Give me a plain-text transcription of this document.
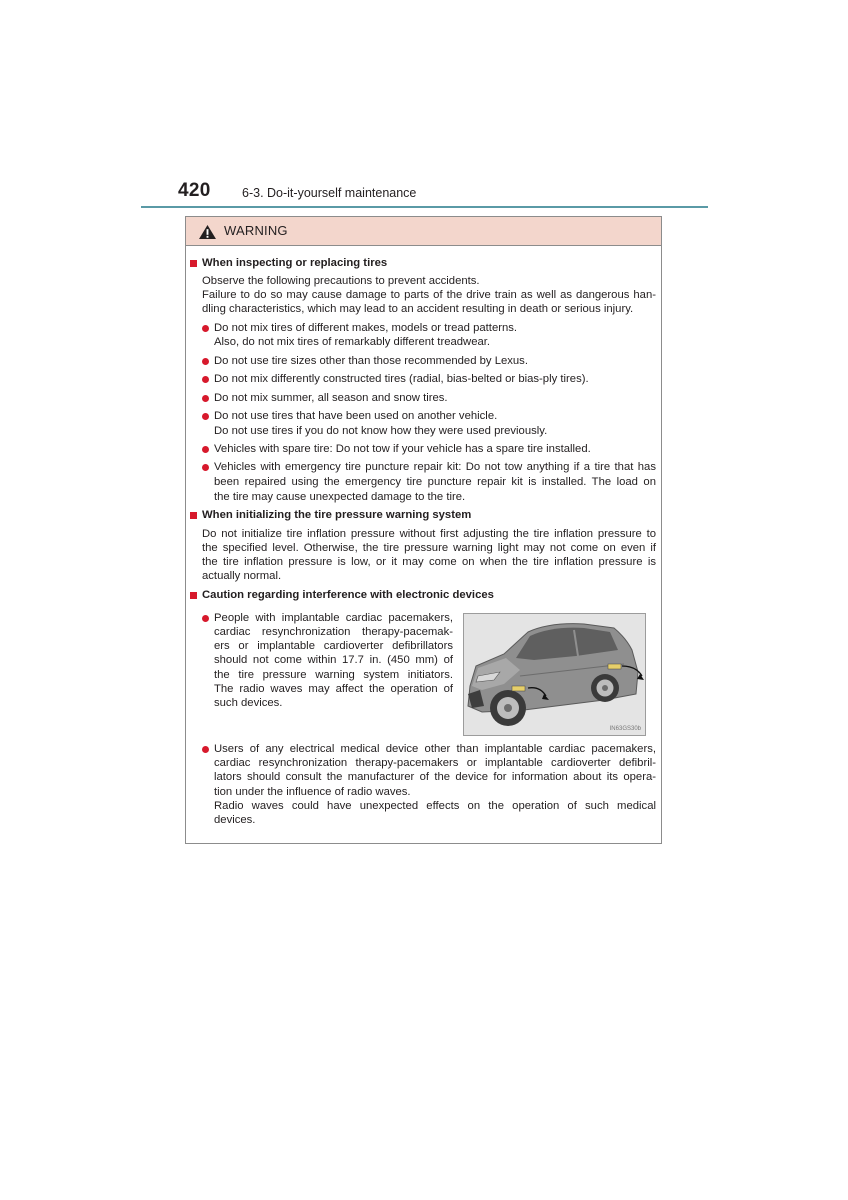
420	6-3. Do-it-yourself maintenance
WARNING
When inspecting or replacing tires
Observe the following precautions to prevent accidents.
Failure to do so may cause damage to parts of the drive train as well as dangerous han-
dling characteristics, which may lead to an accident resulting in death or serious injury.
Do not mix tires of different makes, models or tread patterns.
Also, do not mix tires of remarkably different treadwear.
Do not use tire sizes other than those recommended by Lexus.
Do not mix differently constructed tires (radial, bias-belted or bias-ply tires).
Do not mix summer, all season and snow tires.
Do not use tires that have been used on another vehicle.
Do not use tires if you do not know how they were used previously.
Vehicles with spare tire: Do not tow if your vehicle has a spare tire installed.
Vehicles with emergency tire puncture repair kit: Do not tow anything if a tire that has
been repaired using the emergency tire puncture repair kit is installed. The load on
the tire may cause unexpected damage to the tire.
When initializing the tire pressure warning system
Do not initialize tire inflation pressure without first adjusting the tire inflation pressure to
the specified level. Otherwise, the tire pressure warning light may not come on even if
the tire inflation pressure is low, or it may come on when the tire inflation pressure is
actually normal.
Caution regarding interference with electronic devices
People with implantable cardiac pacemakers,
cardiac resynchronization therapy-pacemak-
ers or implantable cardioverter defibrillators
should not come within 17.7 in. (450 mm) of
the tire pressure warning system initiators.
The radio waves may affect the operation of
such devices.
IN63GS30b
Users of any electrical medical device other than implantable cardiac pacemakers,
cardiac resynchronization therapy-pacemakers or implantable cardioverter defibril-
lators should consult the manufacturer of the device for information about its opera-
tion under the influence of radio waves.
Radio waves could have unexpected effects on the operation of such medical
devices.
